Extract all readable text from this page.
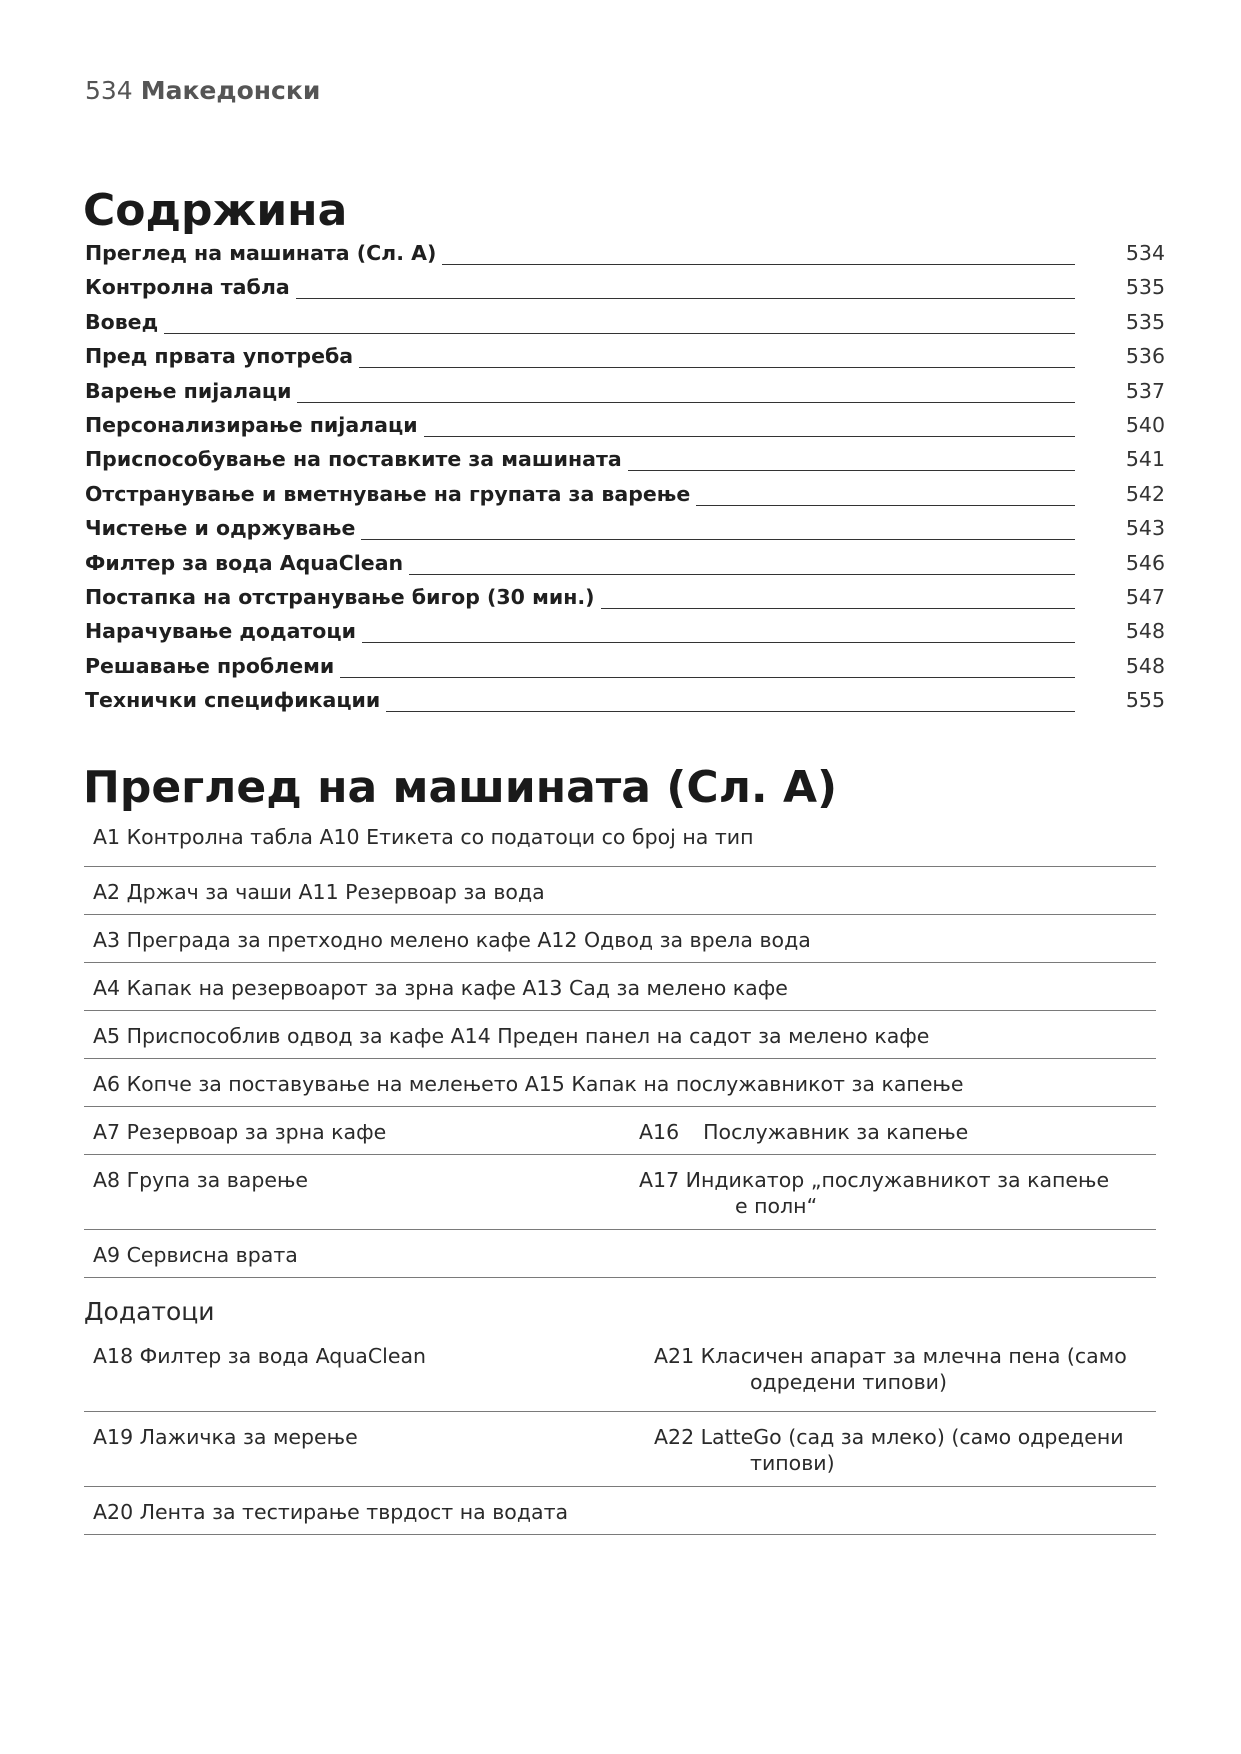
534 Македонски
Содржина
Преглед на машината (Сл. А)	534
Контролна табла	535
Вовед	535
Пред првата употреба	536
Варење пијалаци	537
Персонализирање пијалаци	540
Приспособување на поставките за машината	541
Отстранување и вметнување на групата за варење	542
Чистење и одржување	543
Филтер за вода AquaClean	546
Постапка на отстранување бигор (30 мин.)	547
Нарачување додатоци	548
Решавање проблеми	548
Технички спецификации	555
Преглед на машината (Сл. А)
A1 Контролна табла A10 Етикета со податоци со број на тип
A2 Држач за чаши A11 Резервоар за вода
A3 Преграда за претходно мелено кафе A12 Одвод за врела вода
A4 Капак на резервоарот за зрна кафе A13 Сад за мелено кафе
A5 Приспособлив одвод за кафе A14 Преден панел на садот за мелено кафе
A6 Копче за поставување на мелењето A15 Капак на послужавникот за капење
A7 Резервоар за зрна кафе	A16 Послужавник за капење
A8 Група за варење	A17 Индикатор „послужавникот за капење
е полн“
A9 Сервисна врата
Додатоци
A18 Филтер за вода AquaClean	A21 Класичен апарат за млечна пена (само
одредени типови)
A19 Лажичка за мерење	A22 LatteGo (сад за млеко) (само одредени
типови)
A20 Лента за тестирање тврдост на водата
